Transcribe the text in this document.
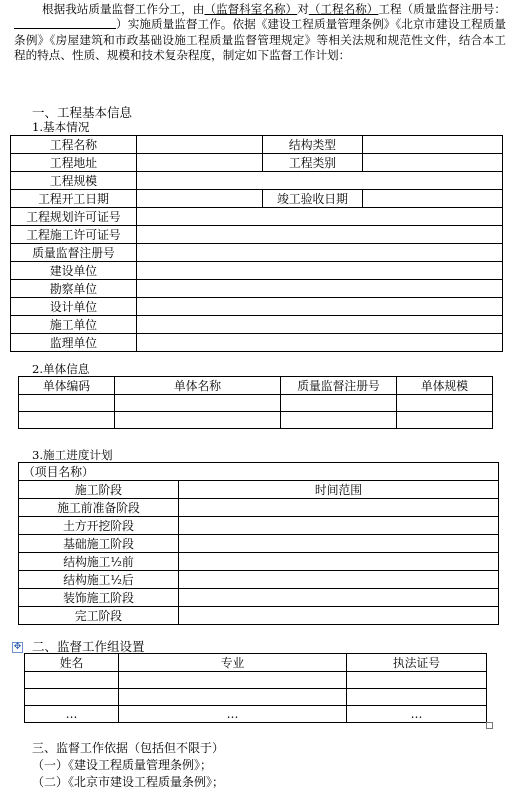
根据我站质量监督工作分工，由（监督科室名称）对（工程名称）工程（质量监督注册号：）实施质量监督工作。依据《建设工程质量管理条例》《北京市建设工程质量条例》《房屋建筑和市政基础设施工程质量监督管理规定》等相关法规和规范性文件，结合本工程的特点、性质、规模和技术复杂程度，制定如下监督工作计划：
一、工程基本信息
1.基本情况
工程名称		结构类型	
工程地址		工程类别	
工程规模			
工程开工日期		竣工验收日期	
工程规划许可证号			
工程施工许可证号			
质量监督注册号			
建设单位			
勘察单位			
设计单位			
施工单位			
监理单位			
2.单体信息
单体编码	单体名称	质量监督注册号	单体规模

3.施工进度计划
（项目名称）	
施工阶段	时间范围
施工前准备阶段	
土方开挖阶段	
基础施工阶段	
结构施工½前	
结构施工½后	
装饰施工阶段	
完工阶段	
✥ 二、监督工作组设置
姓名	专业	执法证号

…	…	…
三、监督工作依据（包括但不限于）
（一）《建设工程质量管理条例》；
（二）《北京市建设工程质量条例》；
